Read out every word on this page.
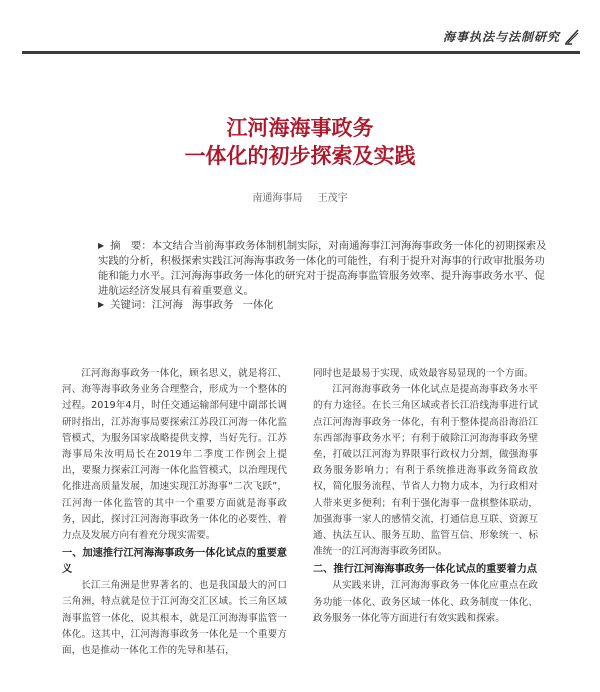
海事执法与法制研究
江河海海事政务
一体化的初步探索及实践
南通海事局 王茂宇
▶ 摘　要：本文结合当前海事政务体制机制实际，对南通海事江河海海事政务一体化的初期探索及实践的分析，积极探索实践江河海海事政务一体化的可能性，有利于提升对海事的行政审批服务功能和能力水平。江河海海事政务一体化的研究对于提高海事监管服务效率、提升海事政务水平、促进航运经济发展具有着重要意义。
▶ 关键词：江河海 海事政务 一体化

江河海海事政务一体化，顾名思义，就是将江、河、海等海事政务业务合理整合，形成为一个整体的过程。2019年4月，时任交通运输部何建中副部长调研时指出，江苏海事局要探索江苏段江河海一体化监管模式，为服务国家战略提供支撑，当好先行。江苏海事局朱汝明局长在2019年二季度工作例会上提出，要聚力探索江河海一体化监管模式，以治理现代化推进高质量发展，加速实现江苏海事“二次飞跃”，江河海一体化监管的其中一个重要方面就是海事政务，因此，探讨江河海海事政务一体化的必要性、着力点及发展方向有着充分现实需要。

一、加速推行江河海海事政务一体化试点的重要意义

长江三角洲是世界著名的、也是我国最大的河口三角洲，特点就是位于江河海交汇区域。长三角区域海事监管一体化，说其根本，就是江河海海事监管一体化。这其中，江河海海事政务一体化是一个重要方面，也是推动一体化工作的先导和基石，

同时也是最易于实现、成效最容易显现的一个方面。

江河海海事政务一体化试点是提高海事政务水平的有力途径。在长三角区域或者长江沿线海事进行试点江河海海事政务一体化，有利于整体提高沿海沿江东西部海事政务水平；有利于破除江河海海事政务壁垒，打破以江河海为界限事行政权力分割，做强海事政务服务影响力；有利于系统推进海事政务简政放权，简化服务流程、节省人力物力成本，为行政相对人带来更多便利；有利于强化海事一盘棋整体联动，加强海事一家人的感情交流，打通信息互联、资源互通、执法互认、服务互助、监管互信、形象统一、标准统一的江河海海事政务团队。

二、推行江河海海事政务一体化试点的重要着力点

从实践来讲，江河海海事政务一体化应重点在政务功能一体化、政务区域一体化、政务制度一体化、政务服务一体化等方面进行有效实践和探索。
